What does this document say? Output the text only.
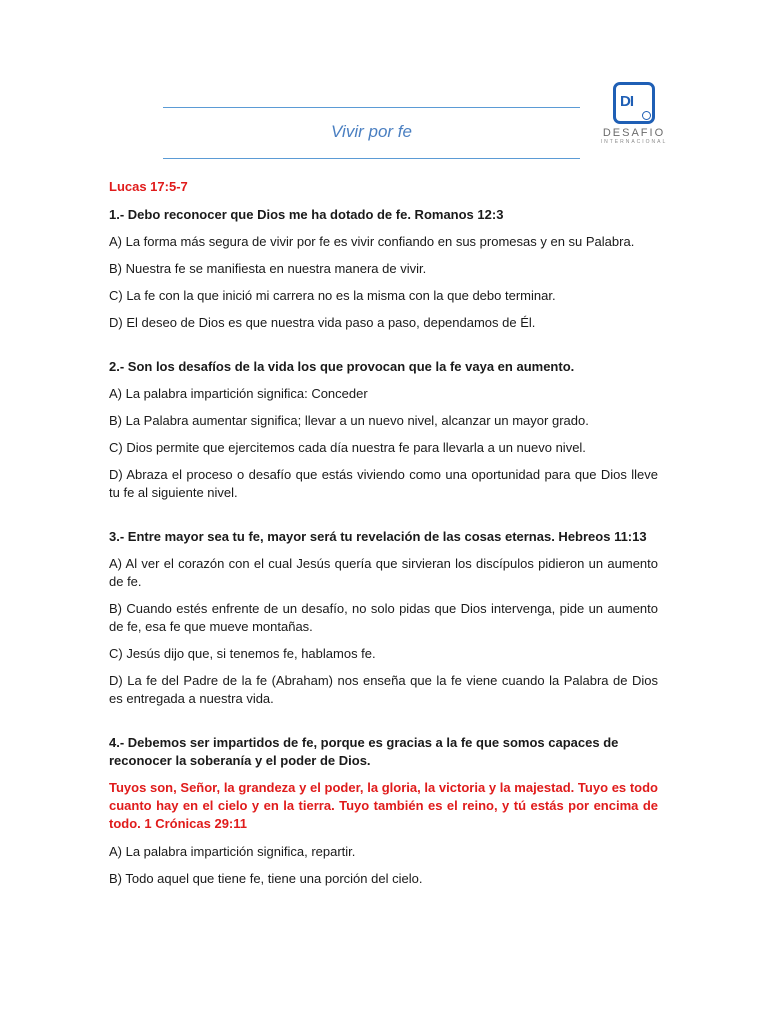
Vivir por fe
DI
DESAFIO
INTERNACIONAL

Lucas 17:5-7

1.- Debo reconocer que Dios me ha dotado de fe. Romanos 12:3

A) La forma más segura de vivir por fe es vivir confiando en sus promesas y en su Palabra.

B) Nuestra fe se manifiesta en nuestra manera de vivir.

C) La fe con la que inició mi carrera no es la misma con la que debo terminar.

D) El deseo de Dios es que nuestra vida paso a paso, dependamos de Él.

2.- Son los desafíos de la vida los que provocan que la fe vaya en aumento.

A) La palabra impartición significa: Conceder

B) La Palabra aumentar significa; llevar a un nuevo nivel, alcanzar un mayor grado.

C) Dios permite que ejercitemos cada día nuestra fe para llevarla a un nuevo nivel.

D) Abraza el proceso o desafío que estás viviendo como una oportunidad para que Dios lleve tu fe al siguiente nivel.

3.- Entre mayor sea tu fe, mayor será tu revelación de las cosas eternas. Hebreos 11:13

A) Al ver el corazón con el cual Jesús quería que sirvieran los discípulos pidieron un aumento de fe.

B) Cuando estés enfrente de un desafío, no solo pidas que Dios intervenga, pide un aumento de fe, esa fe que mueve montañas.

C) Jesús dijo que, si tenemos fe, hablamos fe.

D) La fe del Padre de la fe (Abraham) nos enseña que la fe viene cuando la Palabra de Dios es entregada a nuestra vida.

4.- Debemos ser impartidos de fe, porque es gracias a la fe que somos capaces de reconocer la soberanía y el poder de Dios.

Tuyos son, Señor, la grandeza y el poder, la gloria, la victoria y la majestad. Tuyo es todo cuanto hay en el cielo y en la tierra. Tuyo también es el reino, y tú estás por encima de todo. 1 Crónicas 29:11

A) La palabra impartición significa, repartir.

B) Todo aquel que tiene fe, tiene una porción del cielo.
